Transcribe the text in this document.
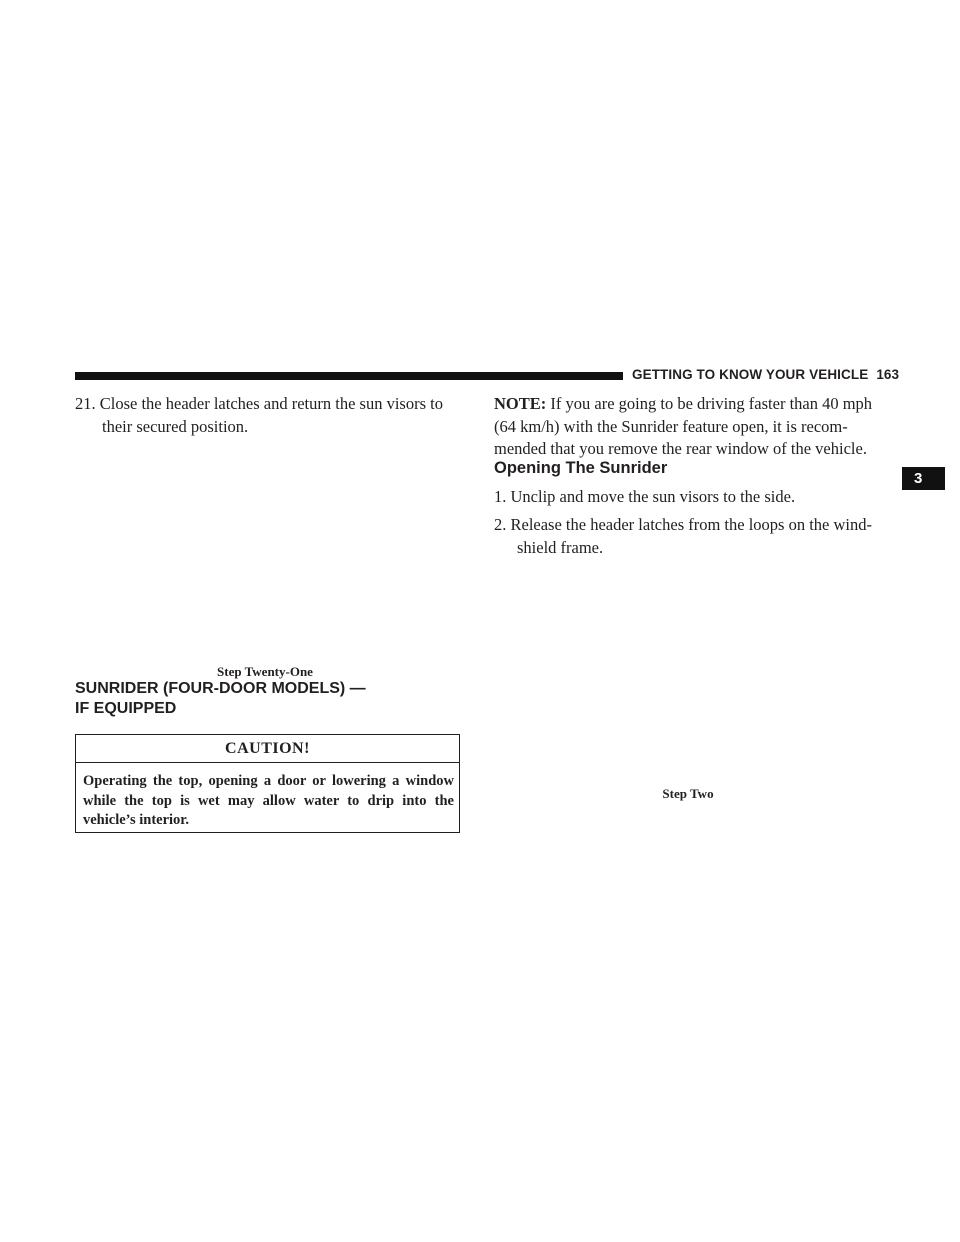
GETTING TO KNOW YOUR VEHICLE 163
3
21. Close the header latches and return the sun visors to
their secured position.
Step Twenty-One
SUNRIDER (FOUR-DOOR MODELS) —
IF EQUIPPED
CAUTION!
Operating the top, opening a door or lowering a window while the top is wet may allow water to drip into the vehicle’s interior.
NOTE: If you are going to be driving faster than 40 mph
(64 km/h) with the Sunrider feature open, it is recom-
mended that you remove the rear window of the vehicle.
Opening The Sunrider
1. Unclip and move the sun visors to the side.
2. Release the header latches from the loops on the wind-
shield frame.
Step Two
